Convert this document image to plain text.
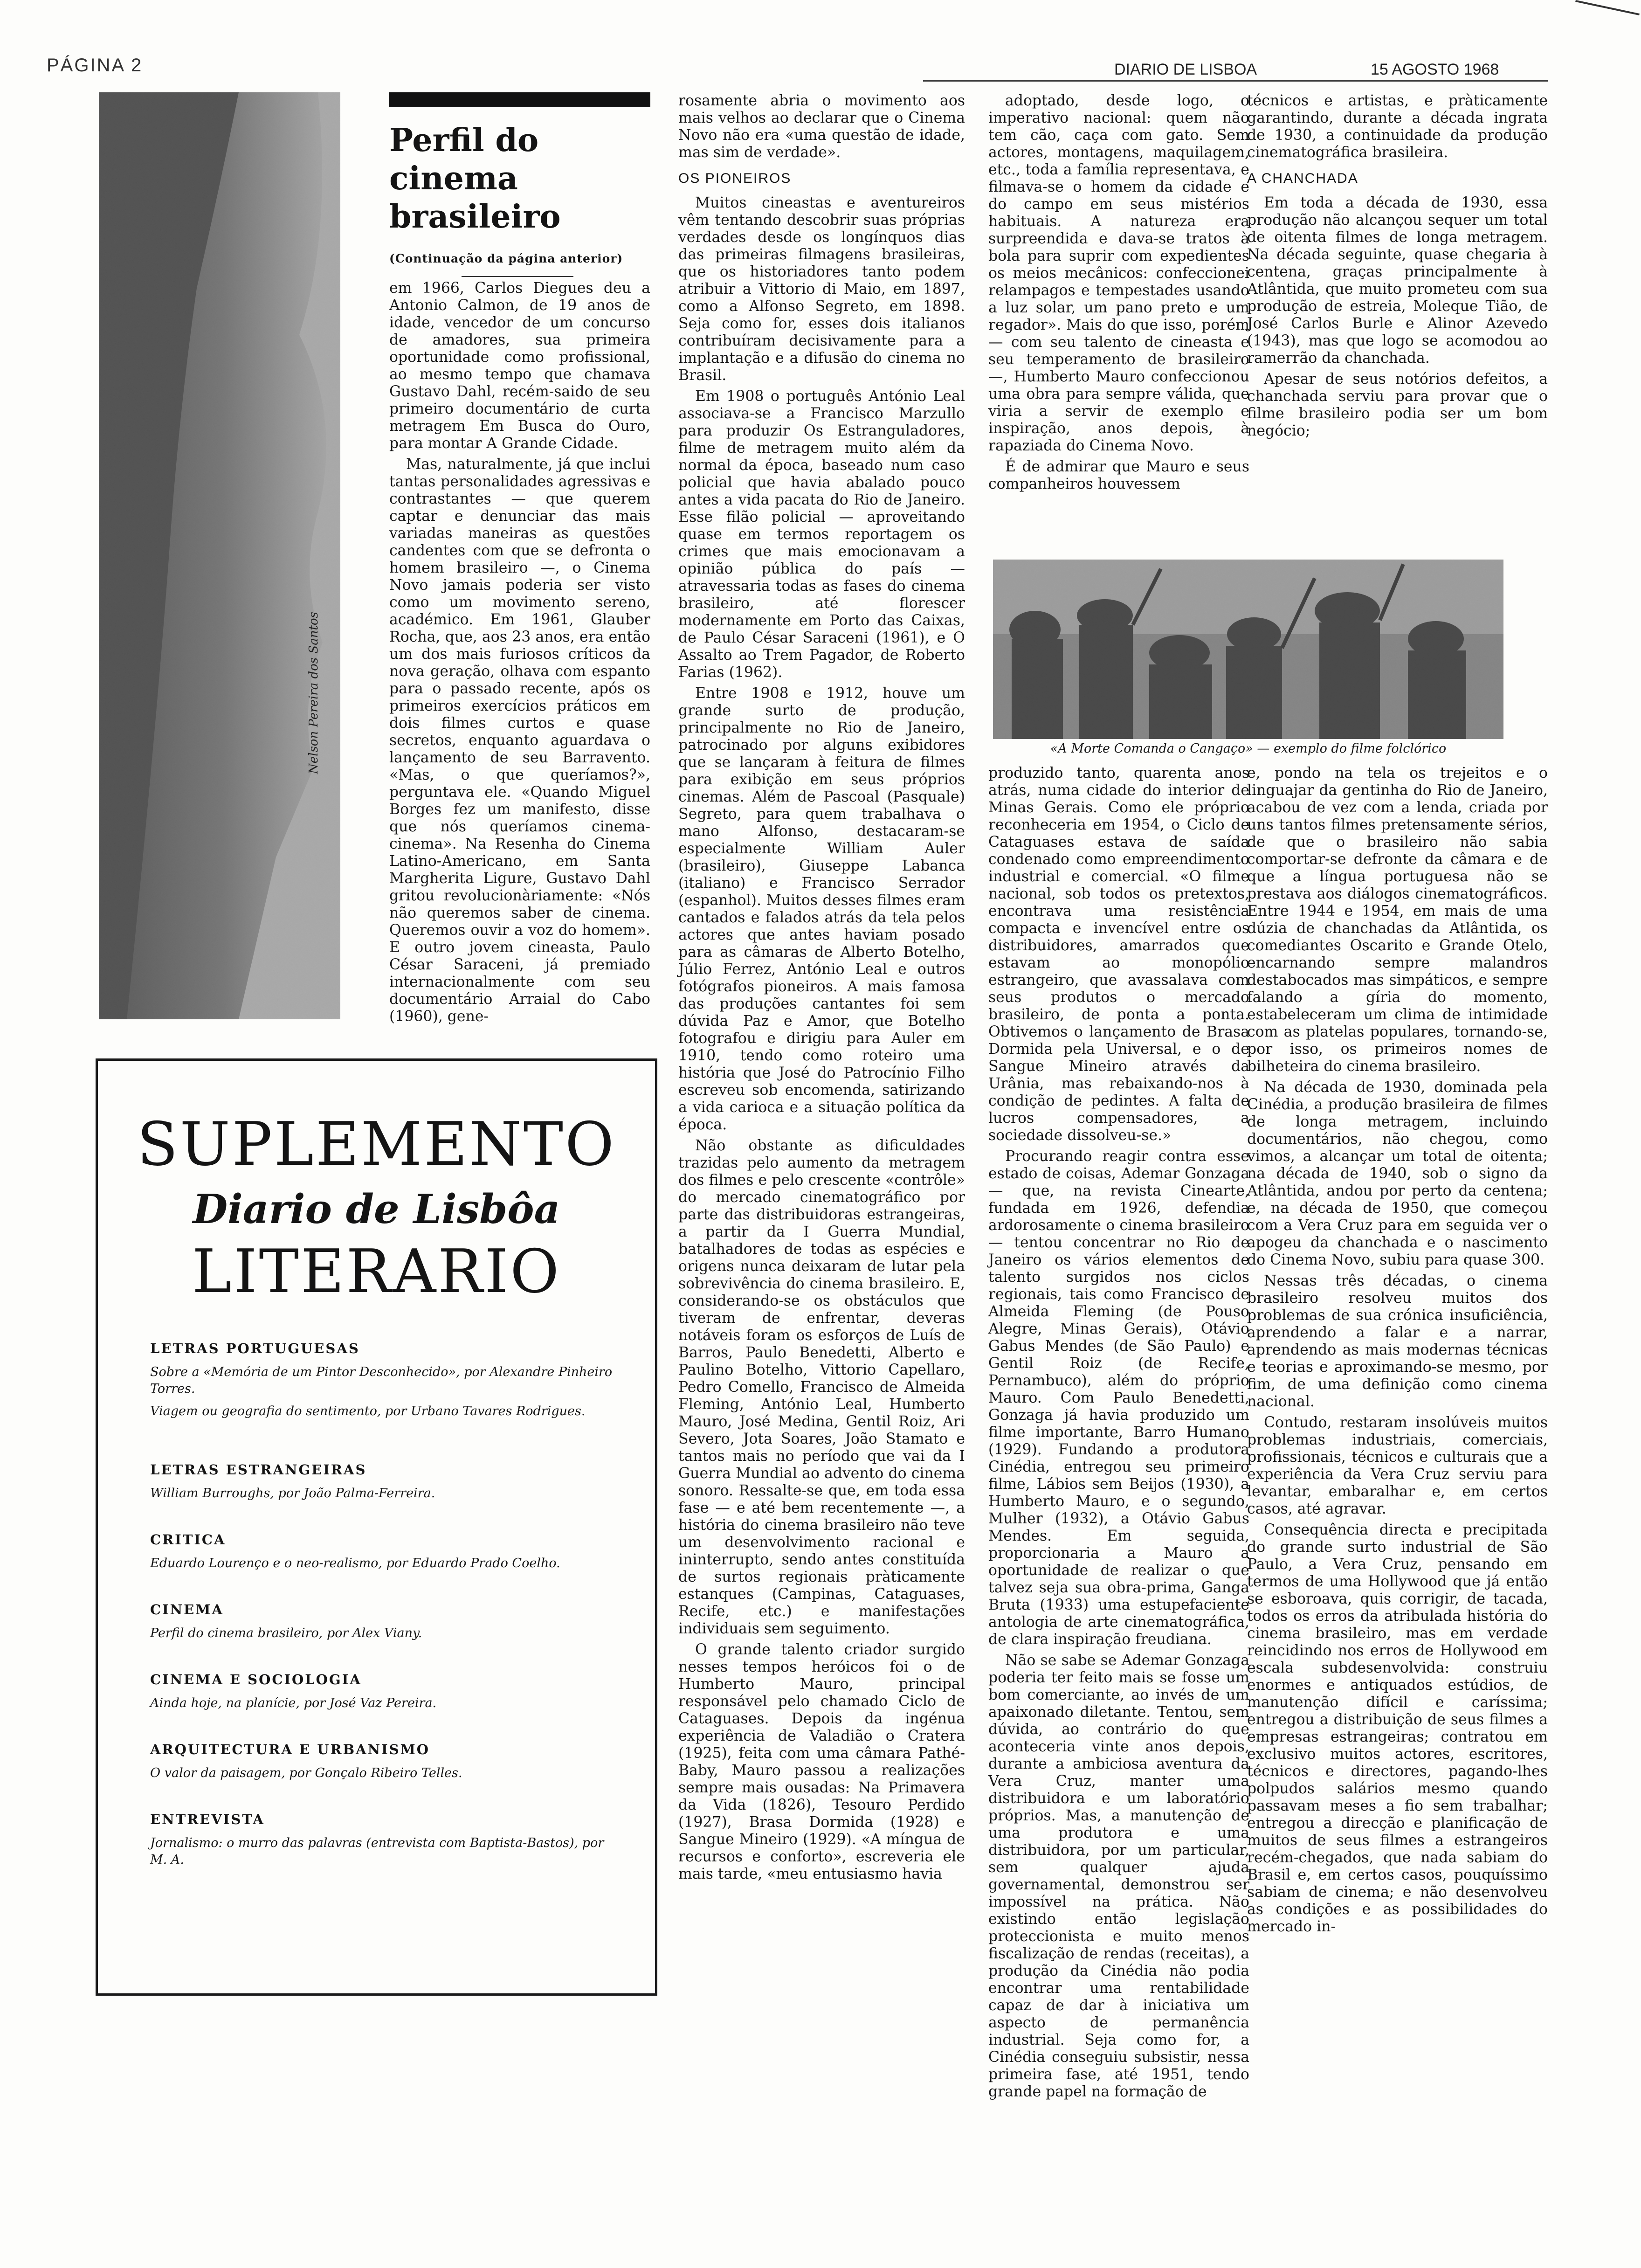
PÁGINA 2	DIARIO DE LISBOA	15 AGOSTO 1968
Nelson Pereira dos Santos
Perfil do cinema brasileiro
(Continuação da página anterior)

em 1966, Carlos Diegues deu a Antonio Calmon, de 19 anos de idade, vencedor de um concurso de amadores, sua primeira oportunidade como profissional, ao mesmo tempo que chamava Gustavo Dahl, recém-saido de seu primeiro documentário de curta metragem Em Busca do Ouro, para montar A Grande Cidade.

Mas, naturalmente, já que inclui tantas personalidades agressivas e contrastantes — que querem captar e denunciar das mais variadas maneiras as questões candentes com que se defronta o homem brasileiro —, o Cinema Novo jamais poderia ser visto como um movimento sereno, académico. Em 1961, Glauber Rocha, que, aos 23 anos, era então um dos mais furiosos críticos da nova geração, olhava com espanto para o passado recente, após os primeiros exercícios práticos em dois filmes curtos e quase secretos, enquanto aguardava o lançamento de seu Barravento. «Mas, o que queríamos?», perguntava ele. «Quando Miguel Borges fez um manifesto, disse que nós queríamos cinema-cinema». Na Resenha do Cinema Latino-Americano, em Santa Margherita Ligure, Gustavo Dahl gritou revolucionàriamente: «Nós não queremos saber de cinema. Queremos ouvir a voz do homem». E outro jovem cineasta, Paulo César Saraceni, já premiado internacionalmente com seu documentário Arraial do Cabo (1960), gene-

rosamente abria o movimento aos mais velhos ao declarar que o Cinema Novo não era «uma questão de idade, mas sim de verdade».

OS PIONEIROS

Muitos cineastas e aventureiros vêm tentando descobrir suas próprias verdades desde os longínquos dias das primeiras filmagens brasileiras, que os historiadores tanto podem atribuir a Vittorio di Maio, em 1897, como a Alfonso Segreto, em 1898. Seja como for, esses dois italianos contribuíram decisivamente para a implantação e a difusão do cinema no Brasil.

Em 1908 o português António Leal associava-se a Francisco Marzullo para produzir Os Estranguladores, filme de metragem muito além da normal da época, baseado num caso policial que havia abalado pouco antes a vida pacata do Rio de Janeiro. Esse filão policial — aproveitando quase em termos reportagem os crimes que mais emocionavam a opinião pública do país — atravessaria todas as fases do cinema brasileiro, até florescer modernamente em Porto das Caixas, de Paulo César Saraceni (1961), e O Assalto ao Trem Pagador, de Roberto Farias (1962).

Entre 1908 e 1912, houve um grande surto de produção, principalmente no Rio de Janeiro, patrocinado por alguns exibidores que se lançaram à feitura de filmes para exibição em seus próprios cinemas. Além de Pascoal (Pasquale) Segreto, para quem trabalhava o mano Alfonso, destacaram-se especialmente William Auler (brasileiro), Giuseppe Labanca (italiano) e Francisco Serrador (espanhol). Muitos desses filmes eram cantados e falados atrás da tela pelos actores que antes haviam posado para as câmaras de Alberto Botelho, Júlio Ferrez, António Leal e outros fotógrafos pioneiros. A mais famosa das produções cantantes foi sem dúvida Paz e Amor, que Botelho fotografou e dirigiu para Auler em 1910, tendo como roteiro uma história que José do Patrocínio Filho escreveu sob encomenda, satirizando a vida carioca e a situação política da época.

Não obstante as dificuldades trazidas pelo aumento da metragem dos filmes e pelo crescente «contrôle» do mercado cinematográfico por parte das distribuidoras estrangeiras, a partir da I Guerra Mundial, batalhadores de todas as espécies e origens nunca deixaram de lutar pela sobrevivência do cinema brasileiro. E, considerando-se os obstáculos que tiveram de enfrentar, deveras notáveis foram os esforços de Luís de Barros, Paulo Benedetti, Alberto e Paulino Botelho, Vittorio Capellaro, Pedro Comello, Francisco de Almeida Fleming, António Leal, Humberto Mauro, José Medina, Gentil Roiz, Ari Severo, Jota Soares, João Stamato e tantos mais no período que vai da I Guerra Mundial ao advento do cinema sonoro. Ressalte-se que, em toda essa fase — e até bem recentemente —, a história do cinema brasileiro não teve um desenvolvimento racional e ininterrupto, sendo antes constituída de surtos regionais pràticamente estanques (Campinas, Cataguases, Recife, etc.) e manifestações individuais sem seguimento.

O grande talento criador surgido nesses tempos heróicos foi o de Humberto Mauro, principal responsável pelo chamado Ciclo de Cataguases. Depois da ingénua experiência de Valadião o Cratera (1925), feita com uma câmara Pathé-Baby, Mauro passou a realizações sempre mais ousadas: Na Primavera da Vida (1826), Tesouro Perdido (1927), Brasa Dormida (1928) e Sangue Mineiro (1929). «A míngua de recursos e conforto», escreveria ele mais tarde, «meu entusiasmo havia

adoptado, desde logo, o imperativo nacional: quem não tem cão, caça com gato. Sem actores, montagens, maquilagem, etc., toda a família representava, e filmava-se o homem da cidade e do campo em seus mistérios habituais. A natureza era surpreendida e dava-se tratos à bola para suprir com expedientes os meios mecânicos: confeccionei relampagos e tempestades usando a luz solar, um pano preto e um regador». Mais do que isso, porém — com seu talento de cineasta e seu temperamento de brasileiro —, Humberto Mauro confeccionou uma obra para sempre válida, que viria a servir de exemplo e inspiração, anos depois, à rapaziada do Cinema Novo.

É de admirar que Mauro e seus companheiros houvessem

técnicos e artistas, e pràticamente garantindo, durante a década ingrata de 1930, a continuidade da produção cinematográfica brasileira.

A CHANCHADA

Em toda a década de 1930, essa produção não alcançou sequer um total de oitenta filmes de longa metragem. Na década seguinte, quase chegaria à centena, graças principalmente à Atlântida, que muito prometeu com sua produção de estreia, Moleque Tião, de José Carlos Burle e Alinor Azevedo (1943), mas que logo se acomodou ao ramerrão da chanchada.

Apesar de seus notórios defeitos, a chanchada serviu para provar que o filme brasileiro podia ser um bom negócio;

«A Morte Comanda o Cangaço» — exemplo do filme folclórico

produzido tanto, quarenta anos atrás, numa cidade do interior de Minas Gerais. Como ele próprio reconheceria em 1954, o Ciclo de Cataguases estava de saída condenado como empreendimento industrial e comercial. «O filme nacional, sob todos os pretextos, encontrava uma resistência compacta e invencível entre os distribuidores, amarrados que estavam ao monopólio estrangeiro, que avassalava com seus produtos o mercado brasileiro, de ponta a ponta. Obtivemos o lançamento de Brasa Dormida pela Universal, e o de Sangue Mineiro através da Urânia, mas rebaixando-nos à condição de pedintes. A falta de lucros compensadores, a sociedade dissolveu-se.»

Procurando reagir contra esse estado de coisas, Ademar Gonzaga — que, na revista Cinearte, fundada em 1926, defendia ardorosamente o cinema brasileiro — tentou concentrar no Rio de Janeiro os vários elementos de talento surgidos nos ciclos regionais, tais como Francisco de Almeida Fleming (de Pouso Alegre, Minas Gerais), Otávio Gabus Mendes (de São Paulo) e Gentil Roiz (de Recife, Pernambuco), além do próprio Mauro. Com Paulo Benedetti, Gonzaga já havia produzido um filme importante, Barro Humano (1929). Fundando a produtora Cinédia, entregou seu primeiro filme, Lábios sem Beijos (1930), a Humberto Mauro, e o segundo, Mulher (1932), a Otávio Gabus Mendes. Em seguida, proporcionaria a Mauro a oportunidade de realizar o que talvez seja sua obra-prima, Ganga Bruta (1933) uma estupefaciente antologia de arte cinematográfica, de clara inspiração freudiana.

Não se sabe se Ademar Gonzaga poderia ter feito mais se fosse um bom comerciante, ao invés de um apaixonado diletante. Tentou, sem dúvida, ao contrário do que aconteceria vinte anos depois, durante a ambiciosa aventura da Vera Cruz, manter uma distribuidora e um laboratório próprios. Mas, a manutenção de uma produtora e uma distribuidora, por um particular, sem qualquer ajuda governamental, demonstrou ser impossível na prática. Não existindo então legislação proteccionista e muito menos fiscalização de rendas (receitas), a produção da Cinédia não podia encontrar uma rentabilidade capaz de dar à iniciativa um aspecto de permanência industrial. Seja como for, a Cinédia conseguiu subsistir, nessa primeira fase, até 1951, tendo grande papel na formação de

e, pondo na tela os trejeitos e o linguajar da gentinha do Rio de Janeiro, acabou de vez com a lenda, criada por uns tantos filmes pretensamente sérios, de que o brasileiro não sabia comportar-se defronte da câmara e de que a língua portuguesa não se prestava aos diálogos cinematográficos. Entre 1944 e 1954, em mais de uma dúzia de chanchadas da Atlântida, os comediantes Oscarito e Grande Otelo, encarnando sempre malandros destabocados mas simpáticos, e sempre falando a gíria do momento, estabeleceram um clima de intimidade com as platelas populares, tornando-se, por isso, os primeiros nomes de bilheteira do cinema brasileiro.

Na década de 1930, dominada pela Cinédia, a produção brasileira de filmes de longa metragem, incluindo documentários, não chegou, como vimos, a alcançar um total de oitenta; na década de 1940, sob o signo da Atlântida, andou por perto da centena; e, na década de 1950, que começou com a Vera Cruz para em seguida ver o apogeu da chanchada e o nascimento do Cinema Novo, subiu para quase 300.

Nessas três décadas, o cinema brasileiro resolveu muitos dos problemas de sua crónica insuficiência, aprendendo a falar e a narrar, aprendendo as mais modernas técnicas e teorias e aproximando-se mesmo, por fim, de uma definição como cinema nacional.

Contudo, restaram insolúveis muitos problemas industriais, comerciais, profissionais, técnicos e culturais que a experiência da Vera Cruz serviu para levantar, embaralhar e, em certos casos, até agravar.

Consequência directa e precipitada do grande surto industrial de São Paulo, a Vera Cruz, pensando em termos de uma Hollywood que já então se esboroava, quis corrigir, de tacada, todos os erros da atribulada história do cinema brasileiro, mas em verdade reincidindo nos erros de Hollywood em escala subdesenvolvida: construiu enormes e antiquados estúdios, de manutenção difícil e caríssima; entregou a distribuição de seus filmes a empresas estrangeiras; contratou em exclusivo muitos actores, escritores, técnicos e directores, pagando-lhes polpudos salários mesmo quando passavam meses a fio sem trabalhar; entregou a direcção e planificação de muitos de seus filmes a estrangeiros recém-chegados, que nada sabiam do Brasil e, em certos casos, pouquíssimo sabiam de cinema; e não desenvolveu as condições e as possibilidades do mercado in-

SUPLEMENTO
Diario de Lisbôa
LITERARIO
LETRAS PORTUGUESAS
Sobre a «Memória de um Pintor Desconhecido», por Alexandre Pinheiro Torres.
Viagem ou geografia do sentimento, por Urbano Tavares Rodrigues.
LETRAS ESTRANGEIRAS
William Burroughs, por João Palma-Ferreira.
CRITICA
Eduardo Lourenço e o neo-realismo, por Eduardo Prado Coelho.
CINEMA
Perfil do cinema brasileiro, por Alex Viany.
CINEMA E SOCIOLOGIA
Ainda hoje, na planície, por José Vaz Pereira.
ARQUITECTURA E URBANISMO
O valor da paisagem, por Gonçalo Ribeiro Telles.
ENTREVISTA
Jornalismo: o murro das palavras (entrevista com Baptista-Bastos), por M. A.
